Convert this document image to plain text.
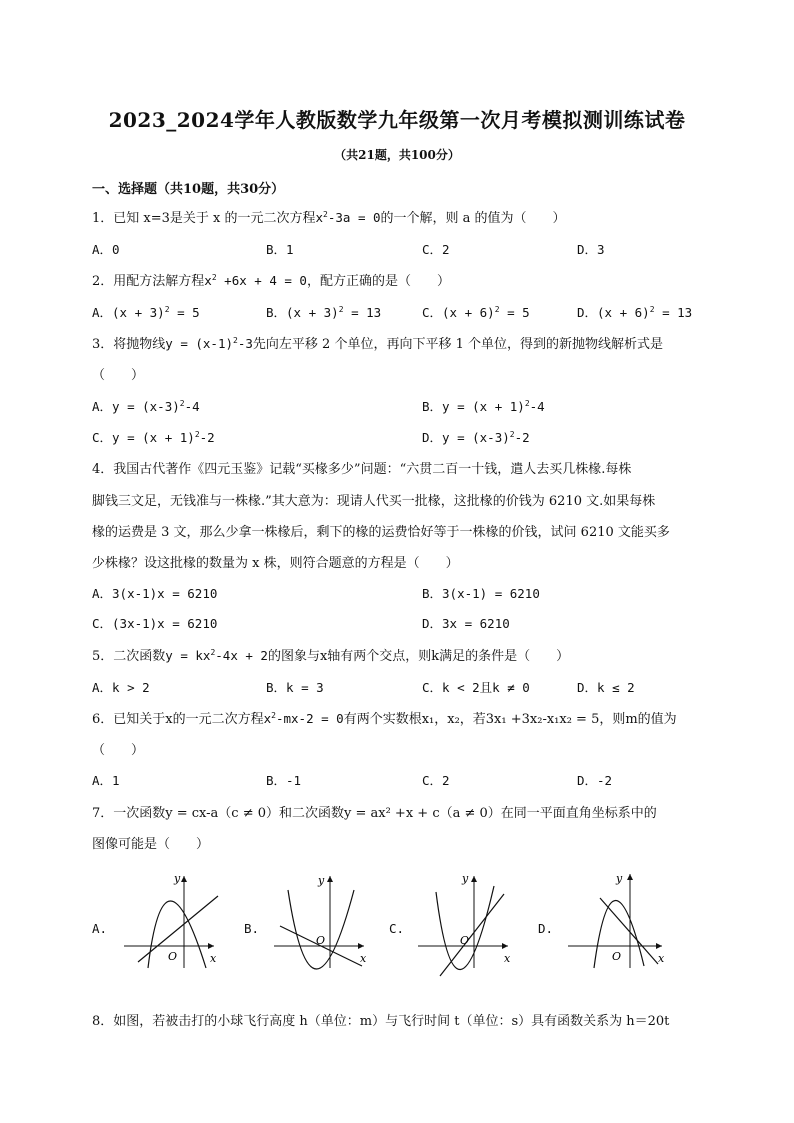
2023_2024学年人教版数学九年级第一次月考模拟测训练试卷
（共21题，共100分）
一、选择题（共10题，共30分）
1．已知 x=3是关于 x 的一元二次方程$x^2-3a = 0$的一个解，则 a 的值为（　　）
A．0	B．1	C．2	D．3
2．用配方法解方程$x^2 +6x + 4 = 0$，配方正确的是（　　）
A．$(x + 3)^2 = 5$	B．$(x + 3)^2 = 13$	C．$(x + 6)^2 = 5$	D．$(x + 6)^2 = 13$
3．将抛物线$y = (x-1)^2-3$先向左平移 2 个单位，再向下平移 1 个单位，得到的新抛物线解析式是
（　　）
A．$y = (x-3)^2-4$	B．$y = (x + 1)^2-4$
C．$y = (x + 1)^2-2$	D．$y = (x-3)^2-2$
4．我国古代著作《四元玉鉴》记载“买椽多少”问题：“六贯二百一十钱，遣人去买几株椽.每株
脚钱三文足，无钱准与一株椽.”其大意为：现请人代买一批椽，这批椽的价钱为 6210 文.如果每株
椽的运费是 3 文，那么少拿一株椽后，剩下的椽的运费恰好等于一株椽的价钱，试问 6210 文能买多
少株椽？设这批椽的数量为 x 株，则符合题意的方程是（　　）
A．3(x-1)x = 6210	B．3(x-1) = 6210
C．(3x-1)x = 6210	D．3x = 6210
5．二次函数$y = kx^2-4x + 2$的图象与x轴有两个交点，则k满足的条件是（　　）
A．k > 2	B．k = 3	C．k < 2且k ≠ 0	D．k ≤ 2
6．已知关于x的一元二次方程$x^2-mx-2 = 0$有两个实数根x₁，x₂，若3x₁ +3x₂-x₁x₂ = 5，则m的值为
（　　）
A．1	B．-1	C．2	D．-2
7．一次函数y = cx-a（c ≠ 0）和二次函数y = ax² +x + c（a ≠ 0）在同一平面直角坐标系中的
图像可能是（　　）
A.
y
x
O
B.
y
x
O
C.
y
x
O
D.
y
x
O
8．如图，若被击打的小球飞行高度 h（单位：m）与飞行时间 t（单位：s）具有函数关系为 h＝20t
